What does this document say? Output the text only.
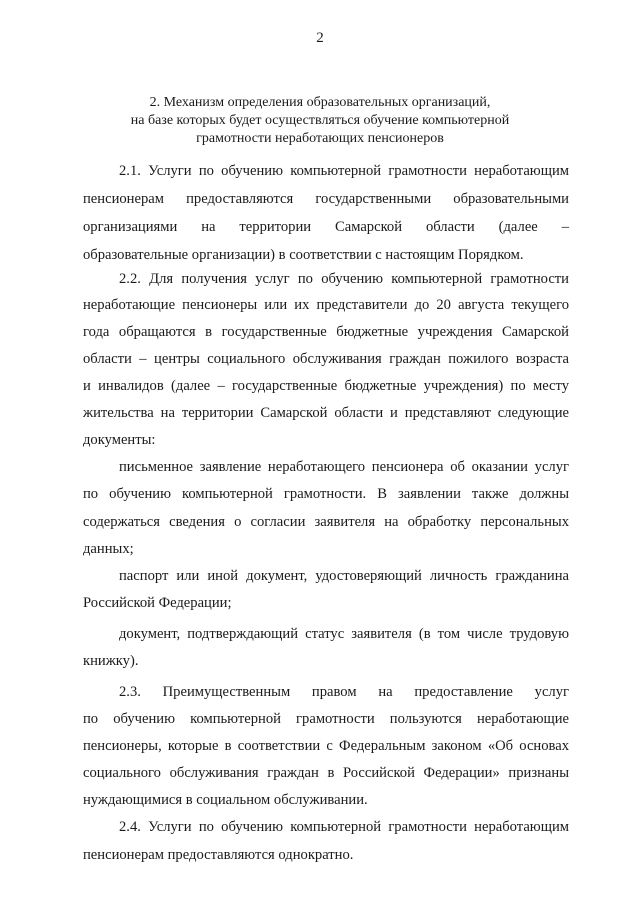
2
2. Механизм определения образовательных организаций,
на базе которых будет осуществляться обучение компьютерной
грамотности неработающих пенсионеров
2.1. Услуги по обучению компьютерной грамотности неработающим
пенсионерам предоставляются государственными образовательными
организациями на территории Самарской области (далее –
образовательные организации) в соответствии с настоящим Порядком.
2.2. Для получения услуг по обучению компьютерной грамотности
неработающие пенсионеры или их представители до 20 августа текущего
года обращаются в государственные бюджетные учреждения Самарской
области – центры социального обслуживания граждан пожилого возраста
и инвалидов (далее – государственные бюджетные учреждения) по месту
жительства на территории Самарской области и представляют следующие
документы:
письменное заявление неработающего пенсионера об оказании услуг
по обучению компьютерной грамотности. В заявлении также должны
содержаться сведения о согласии заявителя на обработку персональных
данных;
паспорт или иной документ, удостоверяющий личность гражданина
Российской Федерации;
документ, подтверждающий статус заявителя (в том числе трудовую
книжку).
2.3. Преимущественным правом на предоставление услуг
по обучению компьютерной грамотности пользуются неработающие
пенсионеры, которые в соответствии с Федеральным законом «Об основах
социального обслуживания граждан в Российской Федерации» признаны
нуждающимися в социальном обслуживании.
2.4. Услуги по обучению компьютерной грамотности неработающим
пенсионерам предоставляются однократно.
